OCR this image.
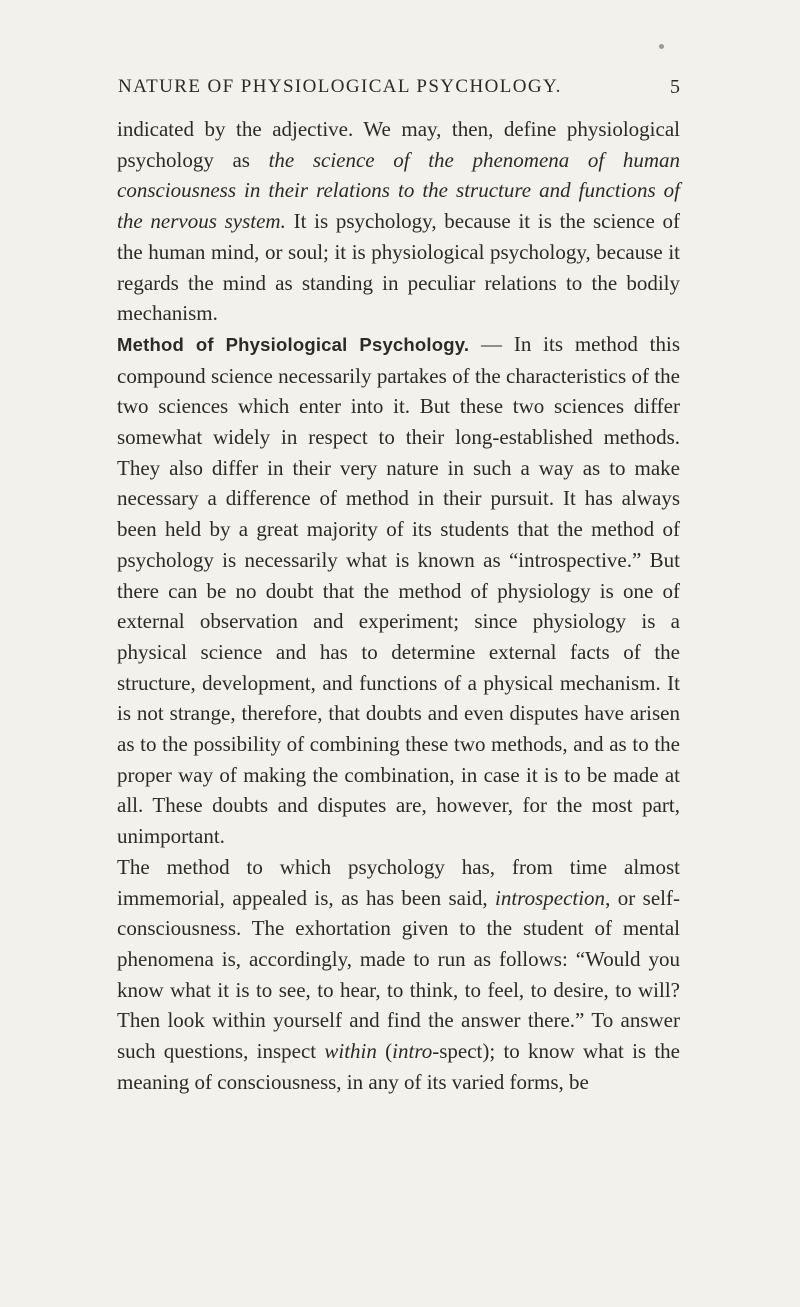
NATURE OF PHYSIOLOGICAL PSYCHOLOGY.	5

indicated by the adjective. We may, then, define physiological psychology as the science of the phenomena of human consciousness in their relations to the structure and functions of the nervous system. It is psychology, because it is the science of the human mind, or soul; it is physiological psychology, because it regards the mind as standing in peculiar relations to the bodily mechanism.

Method of Physiological Psychology. — In its method this compound science necessarily partakes of the characteristics of the two sciences which enter into it. But these two sciences differ somewhat widely in respect to their long-established methods. They also differ in their very nature in such a way as to make necessary a difference of method in their pursuit. It has always been held by a great majority of its students that the method of psychology is necessarily what is known as “introspective.” But there can be no doubt that the method of physiology is one of external observation and experiment; since physiology is a physical science and has to determine external facts of the structure, development, and functions of a physical mechanism. It is not strange, therefore, that doubts and even disputes have arisen as to the possibility of combining these two methods, and as to the proper way of making the combination, in case it is to be made at all. These doubts and disputes are, however, for the most part, unimportant.

The method to which psychology has, from time almost immemorial, appealed is, as has been said, introspection, or self-consciousness. The exhortation given to the student of mental phenomena is, accordingly, made to run as follows: “Would you know what it is to see, to hear, to think, to feel, to desire, to will? Then look within yourself and find the answer there.” To answer such questions, inspect within (intro-spect); to know what is the meaning of consciousness, in any of its varied forms, be
